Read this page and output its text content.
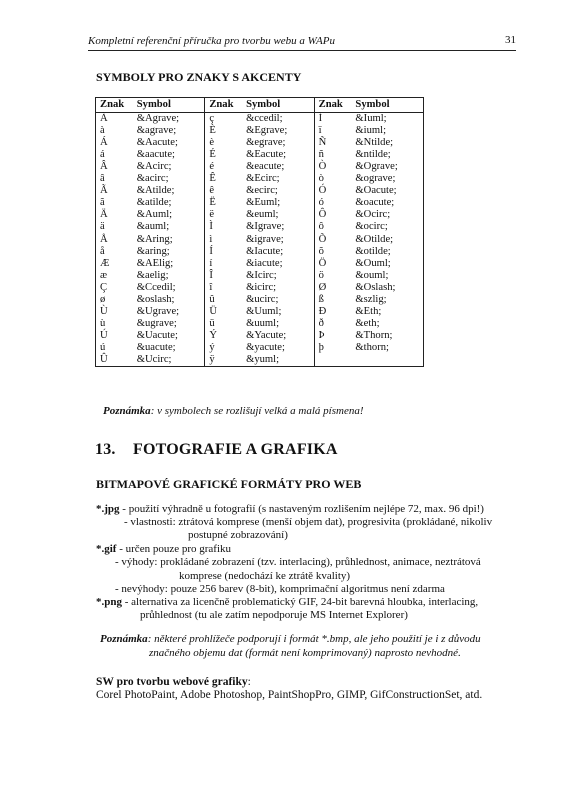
Kompletní referenční příručka pro tvorbu webu a WAPu	31
SYMBOLY PRO ZNAKY S AKCENTY
Znak	Symbol	Znak	Symbol	Znak	Symbol
À	&Agrave;	ç	&ccedil;	Ì	&Iuml;
à	&agrave;	È	&Egrave;	ï	&iuml;
Á	&Aacute;	è	&egrave;	Ñ	&Ntilde;
á	&aacute;	É	&Eacute;	ñ	&ntilde;
Â	&Acirc;	é	&eacute;	Ò	&Ograve;
â	&acirc;	Ê	&Ecirc;	ò	&ograve;
Ã	&Atilde;	ê	&ecirc;	Ó	&Oacute;
ã	&atilde;	Ë	&Euml;	ó	&oacute;
Ä	&Auml;	ë	&euml;	Ô	&Ocirc;
ä	&auml;	Ì	&Igrave;	ô	&ocirc;
Å	&Aring;	ì	&igrave;	Õ	&Otilde;
å	&aring;	Í	&Iacute;	õ	&otilde;
Æ	&AElig;	í	&iacute;	Ö	&Ouml;
æ	&aelig;	Î	&Icirc;	ö	&ouml;
Ç	&Ccedil;	î	&icirc;	Ø	&Oslash;
ø	&oslash;	û	&ucirc;	ß	&szlig;
Ù	&Ugrave;	Ü	&Uuml;	Ð	&Eth;
ù	&ugrave;	ü	&uuml;	ð	&eth;
Ú	&Uacute;	Ý	&Yacute;	Þ	&Thorn;
ú	&uacute;	ý	&yacute;	þ	&thorn;
Û	&Ucirc;	ÿ	&yuml;		
Poznámka: v symbolech se rozlišují velká a malá písmena!
13. FOTOGRAFIE A GRAFIKA
BITMAPOVÉ GRAFICKÉ FORMÁTY PRO WEB
*.jpg - použití výhradně u fotografií (s nastaveným rozlišením nejlépe 72, max. 96 dpi!)
- vlastnosti: ztrátová komprese (menší objem dat), progresivita (prokládané, nikoliv
postupné zobrazování)
*.gif - určen pouze pro grafiku
- výhody: prokládané zobrazení (tzv. interlacing), průhlednost, animace, neztrátová
komprese (nedochází ke ztrátě kvality)
- nevýhody: pouze 256 barev (8-bit), komprimační algoritmus není zdarma
*.png - alternativa za licenčně problematický GIF, 24-bit barevná hloubka, interlacing,
průhlednost (tu ale zatím nepodporuje MS Internet Explorer)
Poznámka: některé prohlížeče podporují i formát *.bmp, ale jeho použití je i z důvodu
značného objemu dat (formát není komprimovaný) naprosto nevhodné.
SW pro tvorbu webové grafiky:
Corel PhotoPaint, Adobe Photoshop, PaintShopPro, GIMP, GifConstructionSet, atd.
